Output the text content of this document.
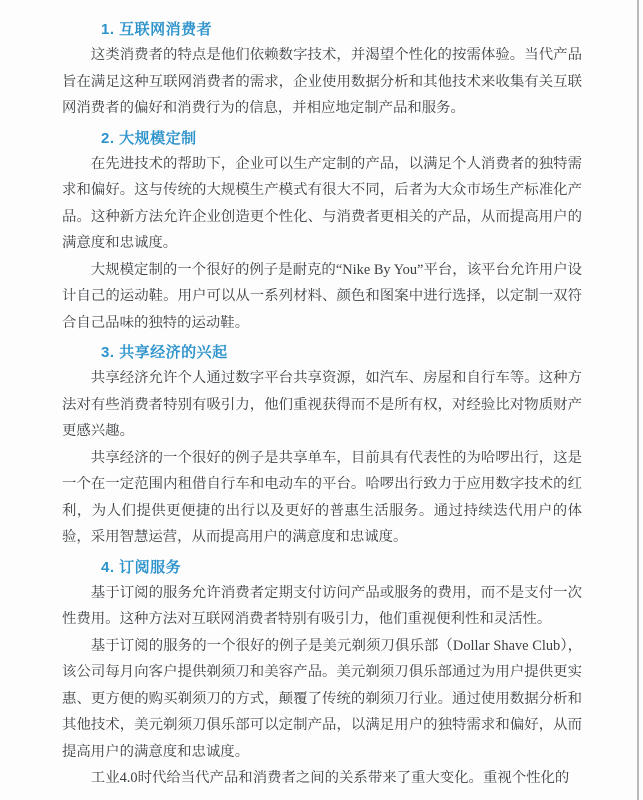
1. 互联网消费者

这类消费者的特点是他们依赖数字技术，并渴望个性化的按需体验。当代产品旨在满足这种互联网消费者的需求，企业使用数据分析和其他技术来收集有关互联网消费者的偏好和消费行为的信息，并相应地定制产品和服务。

2. 大规模定制

在先进技术的帮助下，企业可以生产定制的产品，以满足个人消费者的独特需求和偏好。这与传统的大规模生产模式有很大不同，后者为大众市场生产标准化产品。这种新方法允许企业创造更个性化、与消费者更相关的产品，从而提高用户的满意度和忠诚度。

大规模定制的一个很好的例子是耐克的“Nike By You”平台，该平台允许用户设计自己的运动鞋。用户可以从一系列材料、颜色和图案中进行选择，以定制一双符合自己品味的独特的运动鞋。

3. 共享经济的兴起

共享经济允许个人通过数字平台共享资源，如汽车、房屋和自行车等。这种方法对有些消费者特别有吸引力，他们重视获得而不是所有权，对经验比对物质财产更感兴趣。

共享经济的一个很好的例子是共享单车，目前具有代表性的为哈啰出行，这是一个在一定范围内租借自行车和电动车的平台。哈啰出行致力于应用数字技术的红利，为人们提供更便捷的出行以及更好的普惠生活服务。通过持续迭代用户的体验，采用智慧运营，从而提高用户的满意度和忠诚度。

4. 订阅服务

基于订阅的服务允许消费者定期支付访问产品或服务的费用，而不是支付一次性费用。这种方法对互联网消费者特别有吸引力，他们重视便利性和灵活性。

基于订阅的服务的一个很好的例子是美元剃须刀俱乐部（Dollar Shave Club），该公司每月向客户提供剃须刀和美容产品。美元剃须刀俱乐部通过为用户提供更实惠、更方便的购买剃须刀的方式，颠覆了传统的剃须刀行业。通过使用数据分析和其他技术，美元剃须刀俱乐部可以定制产品，以满足用户的独特需求和偏好，从而提高用户的满意度和忠诚度。

工业4.0时代给当代产品和消费者之间的关系带来了重大变化。重视个性化的
